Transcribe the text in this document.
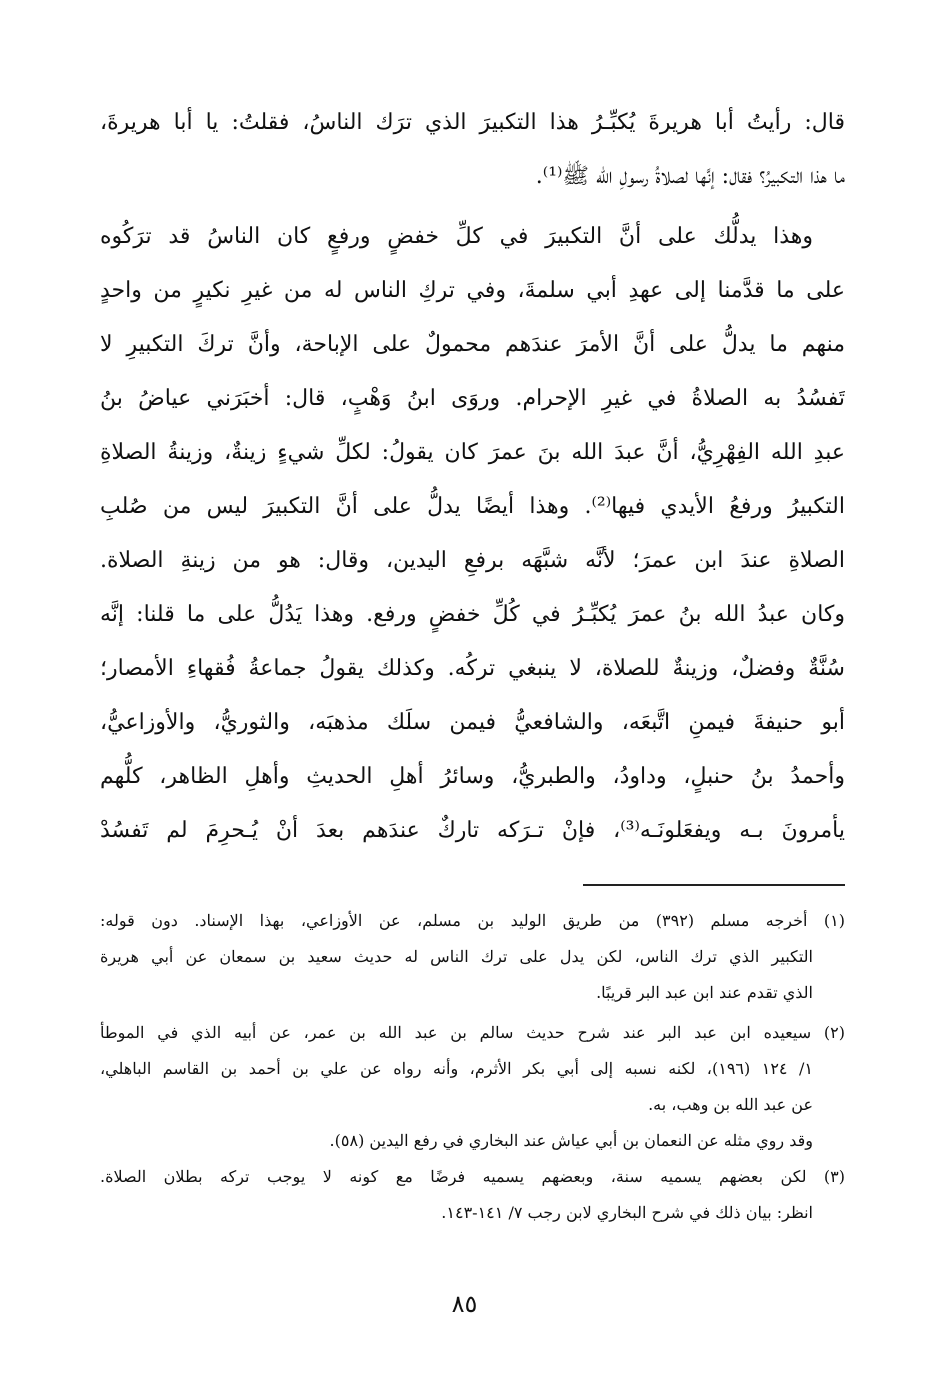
قال: رأيتُ أبا هريرةَ يُكبِّـرُ هذا التكبيرَ الذي ترَك الناسُ، فقلتُ: يا أبا هريرةَ،
ما هذا التكبيرُ؟ فقال: إنَّها لصلاةُ رسولِ الله ﷺ⁽¹⁾.
وهذا يدلُّك على أنَّ التكبيرَ في كلِّ خفضٍ ورفعٍ كان الناسُ قد ترَكُوه
على ما قدَّمنا إلى عهدِ أبي سلمةَ، وفي تركِ الناس له من غيرِ نكيرٍ من واحدٍ
منهم ما يدلُّ على أنَّ الأمرَ عندَهم محمولٌ على الإباحة، وأنَّ تركَ التكبيرِ لا
تَفسُدُ به الصلاةُ في غيرِ الإحرام. وروَى ابنُ وَهْبٍ، قال: أخبَرَني عياضُ بنُ
عبدِ الله الفِهْرِيُّ، أنَّ عبدَ الله بنَ عمرَ كان يقولُ: لكلِّ شيءٍ زينةٌ، وزينةُ الصلاةِ
التكبيرُ ورفعُ الأيدي فيها⁽²⁾. وهذا أيضًا يدلُّ على أنَّ التكبيرَ ليس من صُلبِ
الصلاةِ عندَ ابن عمرَ؛ لأنَّه شبَّهَه برفعِ اليدين، وقال: هو من زينةِ الصلاة.
وكان عبدُ الله بنُ عمرَ يُكبِّـرُ في كُلِّ خفضٍ ورفع. وهذا يَدُلُّ على ما قلنا: إنَّه
سُنَّةٌ وفضلٌ، وزينةٌ للصلاة، لا ينبغي تركُه. وكذلك يقولُ جماعةُ فُقهاءِ الأمصار؛
أبو حنيفةَ فيمنِ اتَّبعَه، والشافعيُّ فيمن سلَك مذهبَه، والثوريُّ، والأوزاعيُّ،
وأحمدُ بنُ حنبلٍ، وداودُ، والطبريُّ، وسائرُ أهلِ الحديثِ وأهلِ الظاهر، كلُّهم
يأمرونَ بـه ويفعَلونَـه⁽³⁾، فإنْ تـرَكه تاركٌ عندَهم بعدَ أنْ يُـحرِمَ لم تَفسُدْ
(١) أخرجه مسلم (٣٩٢) من طريق الوليد بن مسلم، عن الأوزاعي، بهذا الإسناد. دون قوله:
التكبير الذي ترك الناس، لكن يدل على ترك الناس له حديث سعيد بن سمعان عن أبي هريرة
الذي تقدم عند ابن عبد البر قريبًا.
(٢) سيعيده ابن عبد البر عند شرح حديث سالم بن عبد الله بن عمر، عن أبيه الذي في الموطأ
١/ ١٢٤ (١٩٦)، لكنه نسبه إلى أبي بكر الأثرم، وأنه رواه عن علي بن أحمد بن القاسم الباهلي،
عن عبد الله بن وهب، به.
وقد روي مثله عن النعمان بن أبي عياش عند البخاري في رفع اليدين (٥٨).
(٣) لكن بعضهم يسميه سنة، وبعضهم يسميه فرضًا مع كونه لا يوجب تركه بطلان الصلاة.
انظر: بيان ذلك في شرح البخاري لابن رجب ٧/ ١٤١-١٤٣.
٨٥
